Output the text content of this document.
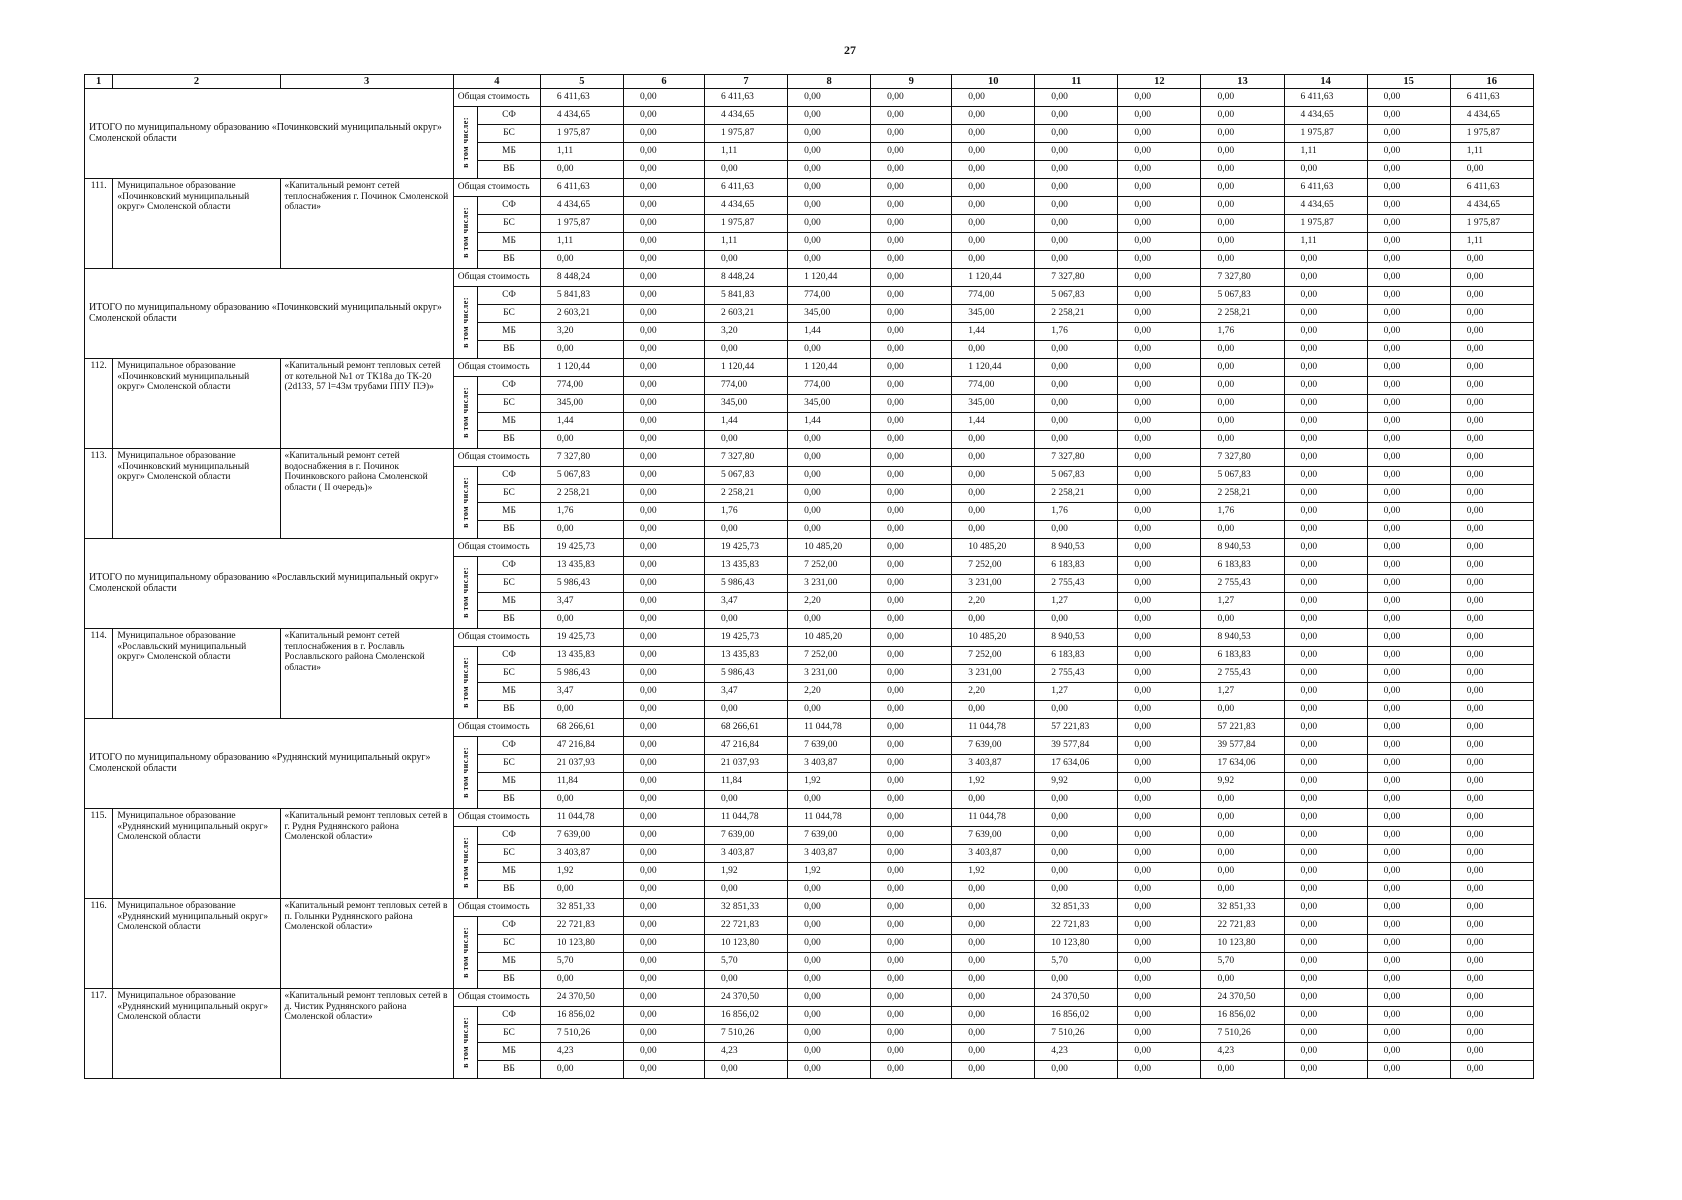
27
1	2	3	4		5	6	7	8	9	10	11	12	13	14	15	16
ИТОГО по муниципальному образованию «Починковский муниципальный округ» Смоленской области			Общая стоимость		6 411,63	0,00	6 411,63	0,00	0,00	0,00	0,00	0,00	0,00	6 411,63	0,00	6 411,63

			в том числе:	СФ	4 434,65	0,00	4 434,65	0,00	0,00	0,00	0,00	0,00	0,00	4 434,65	0,00	4 434,65
				БС	1 975,87	0,00	1 975,87	0,00	0,00	0,00	0,00	0,00	0,00	1 975,87	0,00	1 975,87
				МБ	1,11	0,00	1,11	0,00	0,00	0,00	0,00	0,00	0,00	1,11	0,00	1,11
				ВБ	0,00	0,00	0,00	0,00	0,00	0,00	0,00	0,00	0,00	0,00	0,00	0,00
111.	Муниципальное образование «Починковский муниципальный округ» Смоленской области	«Капитальный ремонт сетей теплоснабжения г. Починок Смоленской области»	Общая стоимость		6 411,63	0,00	6 411,63	0,00	0,00	0,00	0,00	0,00	0,00	6 411,63	0,00	6 411,63

			в том числе:	СФ	4 434,65	0,00	4 434,65	0,00	0,00	0,00	0,00	0,00	0,00	4 434,65	0,00	4 434,65
				БС	1 975,87	0,00	1 975,87	0,00	0,00	0,00	0,00	0,00	0,00	1 975,87	0,00	1 975,87
				МБ	1,11	0,00	1,11	0,00	0,00	0,00	0,00	0,00	0,00	1,11	0,00	1,11
				ВБ	0,00	0,00	0,00	0,00	0,00	0,00	0,00	0,00	0,00	0,00	0,00	0,00
ИТОГО по муниципальному образованию «Починковский муниципальный округ» Смоленской области			Общая стоимость		8 448,24	0,00	8 448,24	1 120,44	0,00	1 120,44	7 327,80	0,00	7 327,80	0,00	0,00	0,00

			в том числе:	СФ	5 841,83	0,00	5 841,83	774,00	0,00	774,00	5 067,83	0,00	5 067,83	0,00	0,00	0,00
				БС	2 603,21	0,00	2 603,21	345,00	0,00	345,00	2 258,21	0,00	2 258,21	0,00	0,00	0,00
				МБ	3,20	0,00	3,20	1,44	0,00	1,44	1,76	0,00	1,76	0,00	0,00	0,00
				ВБ	0,00	0,00	0,00	0,00	0,00	0,00	0,00	0,00	0,00	0,00	0,00	0,00
112.	Муниципальное образование «Починковский муниципальный округ» Смоленской области	«Капитальный ремонт тепловых сетей от котельной №1 от ТК18а до ТК-20 (2d133, 57 l=43м трубами ППУ ПЭ)»	Общая стоимость		1 120,44	0,00	1 120,44	1 120,44	0,00	1 120,44	0,00	0,00	0,00	0,00	0,00	0,00

			в том числе:	СФ	774,00	0,00	774,00	774,00	0,00	774,00	0,00	0,00	0,00	0,00	0,00	0,00
				БС	345,00	0,00	345,00	345,00	0,00	345,00	0,00	0,00	0,00	0,00	0,00	0,00
				МБ	1,44	0,00	1,44	1,44	0,00	1,44	0,00	0,00	0,00	0,00	0,00	0,00
				ВБ	0,00	0,00	0,00	0,00	0,00	0,00	0,00	0,00	0,00	0,00	0,00	0,00
113.	Муниципальное образование «Починковский муниципальный округ» Смоленской области	«Капитальный ремонт сетей водоснабжения в г. Починок Починковского района Смоленской области ( II очередь)»	Общая стоимость		7 327,80	0,00	7 327,80	0,00	0,00	0,00	7 327,80	0,00	7 327,80	0,00	0,00	0,00

			в том числе:	СФ	5 067,83	0,00	5 067,83	0,00	0,00	0,00	5 067,83	0,00	5 067,83	0,00	0,00	0,00
				БС	2 258,21	0,00	2 258,21	0,00	0,00	0,00	2 258,21	0,00	2 258,21	0,00	0,00	0,00
				МБ	1,76	0,00	1,76	0,00	0,00	0,00	1,76	0,00	1,76	0,00	0,00	0,00
				ВБ	0,00	0,00	0,00	0,00	0,00	0,00	0,00	0,00	0,00	0,00	0,00	0,00
ИТОГО по муниципальному образованию «Рославльский муниципальный округ» Смоленской области			Общая стоимость		19 425,73	0,00	19 425,73	10 485,20	0,00	10 485,20	8 940,53	0,00	8 940,53	0,00	0,00	0,00

			в том числе:	СФ	13 435,83	0,00	13 435,83	7 252,00	0,00	7 252,00	6 183,83	0,00	6 183,83	0,00	0,00	0,00
				БС	5 986,43	0,00	5 986,43	3 231,00	0,00	3 231,00	2 755,43	0,00	2 755,43	0,00	0,00	0,00
				МБ	3,47	0,00	3,47	2,20	0,00	2,20	1,27	0,00	1,27	0,00	0,00	0,00
				ВБ	0,00	0,00	0,00	0,00	0,00	0,00	0,00	0,00	0,00	0,00	0,00	0,00
114.	Муниципальное образование «Рославльский муниципальный округ» Смоленской области	«Капитальный ремонт сетей теплоснабжения в г. Рославль Рославльского района Смоленской области»	Общая стоимость		19 425,73	0,00	19 425,73	10 485,20	0,00	10 485,20	8 940,53	0,00	8 940,53	0,00	0,00	0,00

			в том числе:	СФ	13 435,83	0,00	13 435,83	7 252,00	0,00	7 252,00	6 183,83	0,00	6 183,83	0,00	0,00	0,00
				БС	5 986,43	0,00	5 986,43	3 231,00	0,00	3 231,00	2 755,43	0,00	2 755,43	0,00	0,00	0,00
				МБ	3,47	0,00	3,47	2,20	0,00	2,20	1,27	0,00	1,27	0,00	0,00	0,00
				ВБ	0,00	0,00	0,00	0,00	0,00	0,00	0,00	0,00	0,00	0,00	0,00	0,00
ИТОГО по муниципальному образованию «Руднянский муниципальный округ» Смоленской области			Общая стоимость		68 266,61	0,00	68 266,61	11 044,78	0,00	11 044,78	57 221,83	0,00	57 221,83	0,00	0,00	0,00

			в том числе:	СФ	47 216,84	0,00	47 216,84	7 639,00	0,00	7 639,00	39 577,84	0,00	39 577,84	0,00	0,00	0,00
				БС	21 037,93	0,00	21 037,93	3 403,87	0,00	3 403,87	17 634,06	0,00	17 634,06	0,00	0,00	0,00
				МБ	11,84	0,00	11,84	1,92	0,00	1,92	9,92	0,00	9,92	0,00	0,00	0,00
				ВБ	0,00	0,00	0,00	0,00	0,00	0,00	0,00	0,00	0,00	0,00	0,00	0,00
115.	Муниципальное образование «Руднянский муниципальный округ» Смоленской области	«Капитальный ремонт тепловых сетей в г. Рудня Руднянского района Смоленской области»	Общая стоимость		11 044,78	0,00	11 044,78	11 044,78	0,00	11 044,78	0,00	0,00	0,00	0,00	0,00	0,00

			в том числе:	СФ	7 639,00	0,00	7 639,00	7 639,00	0,00	7 639,00	0,00	0,00	0,00	0,00	0,00	0,00
				БС	3 403,87	0,00	3 403,87	3 403,87	0,00	3 403,87	0,00	0,00	0,00	0,00	0,00	0,00
				МБ	1,92	0,00	1,92	1,92	0,00	1,92	0,00	0,00	0,00	0,00	0,00	0,00
				ВБ	0,00	0,00	0,00	0,00	0,00	0,00	0,00	0,00	0,00	0,00	0,00	0,00
116.	Муниципальное образование «Руднянский муниципальный округ» Смоленской области	«Капитальный ремонт тепловых сетей в п. Голынки Руднянского района Смоленской области»	Общая стоимость		32 851,33	0,00	32 851,33	0,00	0,00	0,00	32 851,33	0,00	32 851,33	0,00	0,00	0,00

			в том числе:	СФ	22 721,83	0,00	22 721,83	0,00	0,00	0,00	22 721,83	0,00	22 721,83	0,00	0,00	0,00
				БС	10 123,80	0,00	10 123,80	0,00	0,00	0,00	10 123,80	0,00	10 123,80	0,00	0,00	0,00
				МБ	5,70	0,00	5,70	0,00	0,00	0,00	5,70	0,00	5,70	0,00	0,00	0,00
				ВБ	0,00	0,00	0,00	0,00	0,00	0,00	0,00	0,00	0,00	0,00	0,00	0,00
117.	Муниципальное образование «Руднянский муниципальный округ» Смоленской области	«Капитальный ремонт тепловых сетей в д. Чистик Руднянского района Смоленской области»	Общая стоимость		24 370,50	0,00	24 370,50	0,00	0,00	0,00	24 370,50	0,00	24 370,50	0,00	0,00	0,00

			в том числе:	СФ	16 856,02	0,00	16 856,02	0,00	0,00	0,00	16 856,02	0,00	16 856,02	0,00	0,00	0,00
				БС	7 510,26	0,00	7 510,26	0,00	0,00	0,00	7 510,26	0,00	7 510,26	0,00	0,00	0,00
				МБ	4,23	0,00	4,23	0,00	0,00	0,00	4,23	0,00	4,23	0,00	0,00	0,00
				ВБ	0,00	0,00	0,00	0,00	0,00	0,00	0,00	0,00	0,00	0,00	0,00	0,00
